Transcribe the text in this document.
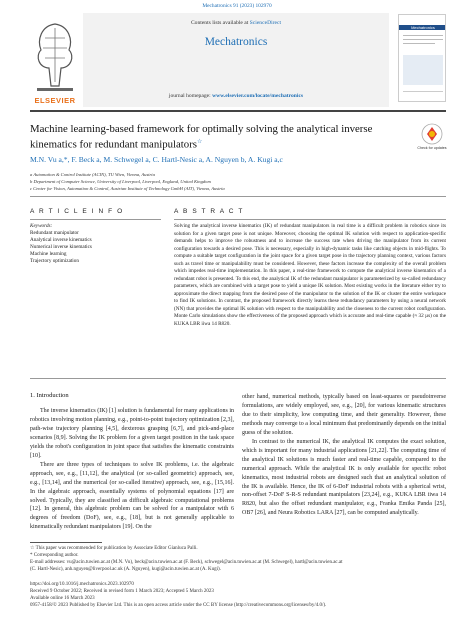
Mechatronics 91 (2023) 102970
Contents lists available at ScienceDirect
Mechatronics
journal homepage: www.elsevier.com/locate/mechatronics
ELSEVIER
Mechatronics
Machine learning-based framework for optimally solving the analytical inverse kinematics for redundant manipulators☆
Check for updates
M.N. Vu a,*, F. Beck a, M. Schwegel a, C. Hartl-Nesic a, A. Nguyen b, A. Kugi a,c
a Automation & Control Institute (ACIN), TU Wien, Vienna, Austria
b Department of Computer Science, University of Liverpool, Liverpool, England, United Kingdom
c Center for Vision, Automation & Control, Austrian Institute of Technology GmbH (AIT), Vienna, Austria
A R T I C L E I N F O	A B S T R A C T
Keywords:
Redundant manipulator
Analytical inverse kinematics
Numerical inverse kinematics
Machine learning
Trajectory optimization
Solving the analytical inverse kinematics (IK) of redundant manipulators in real time is a difficult problem in robotics since its solution for a given target pose is not unique. Moreover, choosing the optimal IK solution with respect to application-specific demands helps to improve the robustness and to increase the success rate when driving the manipulator from its current configuration towards a desired pose. This is necessary, especially in high-dynamic tasks like catching objects in mid-flights. To compute a suitable target configuration in the joint space for a given target pose in the trajectory planning context, various factors such as travel time or manipulability must be considered. However, these factors increase the complexity of the overall problem which impedes real-time implementation. In this paper, a real-time framework to compute the analytical inverse kinematics of a redundant robot is presented. To this end, the analytical IK of the redundant manipulator is parameterized by so-called redundancy parameters, which are combined with a target pose to yield a unique IK solution. Most existing works in the literature either try to approximate the direct mapping from the desired pose of the manipulator to the solution of the IK or cluster the entire workspace to find IK solutions. In contrast, the proposed framework directly learns these redundancy parameters by using a neural network (NN) that provides the optimal IK solution with respect to the manipulability and the closeness to the current robot configuration. Monte Carlo simulations show the effectiveness of the proposed approach which is accurate and real-time capable (≈ 32 µs) on the KUKA LBR iiwa 14 R820.
1. Introduction

The inverse kinematics (IK) [1] solution is fundamental for many applications in robotics involving motion planning, e.g., point-to-point trajectory optimization [2,3], path-wise trajectory planning [4,5], dexterous grasping [6,7], and pick-and-place scenarios [8,9]. Solving the IK problem for a given target position in the task space yields the robot's configuration in joint space that satisfies the kinematic constraints [10].

There are three types of techniques to solve IK problems, i.e. the algebraic approach, see, e.g., [11,12], the analytical (or so-called geometric) approach, see, e.g., [13,14], and the numerical (or so-called iterative) approach, see, e.g., [15,16]. In the algebraic approach, essentially systems of polynomial equations [17] are solved. Typically, they are classified as difficult algebraic computational problems [12]. In general, this algebraic problem can be solved for a manipulator with 6 degrees of freedom (DoF), see, e.g., [18], but is not generally applicable to kinematically redundant manipulators [19]. On the

other hand, numerical methods, typically based on least-squares or pseudoinverse formulations, are widely employed, see, e.g., [20], for various kinematic structures due to their simplicity, low computing time, and their generality. However, these methods may converge to a local minimum that predominantly depends on the initial guess of the solution.

In contrast to the numerical IK, the analytical IK computes the exact solution, which is important for many industrial applications [21,22]. The computing time of the analytical IK solutions is much faster and real-time capable, compared to the numerical approach. While the analytical IK is only available for specific robot kinematics, most industrial robots are designed such that an analytical solution of the IK is available. Hence, the IK of 6-DoF industrial robots with a spherical wrist, non-offset 7-DoF S-R-S redundant manipulators [23,24], e.g., KUKA LBR iiwa 14 R820, but also the offset redundant manipulator, e.g., Franka Emika Panda [25], OB7 [26], and Neura Robotics LARA [27], can be computed analytically.

☆ This paper was recommended for publication by Associate Editor Gianluca Palli.
* Corresponding author.
E-mail addresses: vu@acin.tuwien.ac.at (M.N. Vu), beck@acin.tuwien.ac.at (F. Beck), schwegel@acin.tuwien.ac.at (M. Schwegel), hartl@acin.tuwien.ac.at
(C. Hartl-Nesic), anh.nguyen@liverpool.ac.uk (A. Nguyen), kugi@acin.tuwien.ac.at (A. Kugi).
https://doi.org/10.1016/j.mechatronics.2023.102970
Received 9 October 2022; Received in revised form 1 March 2023; Accepted 5 March 2023
Available online 16 March 2023
0957-4158/© 2023 Published by Elsevier Ltd. This is an open access article under the CC BY license (http://creativecommons.org/licenses/by/4.0/).
